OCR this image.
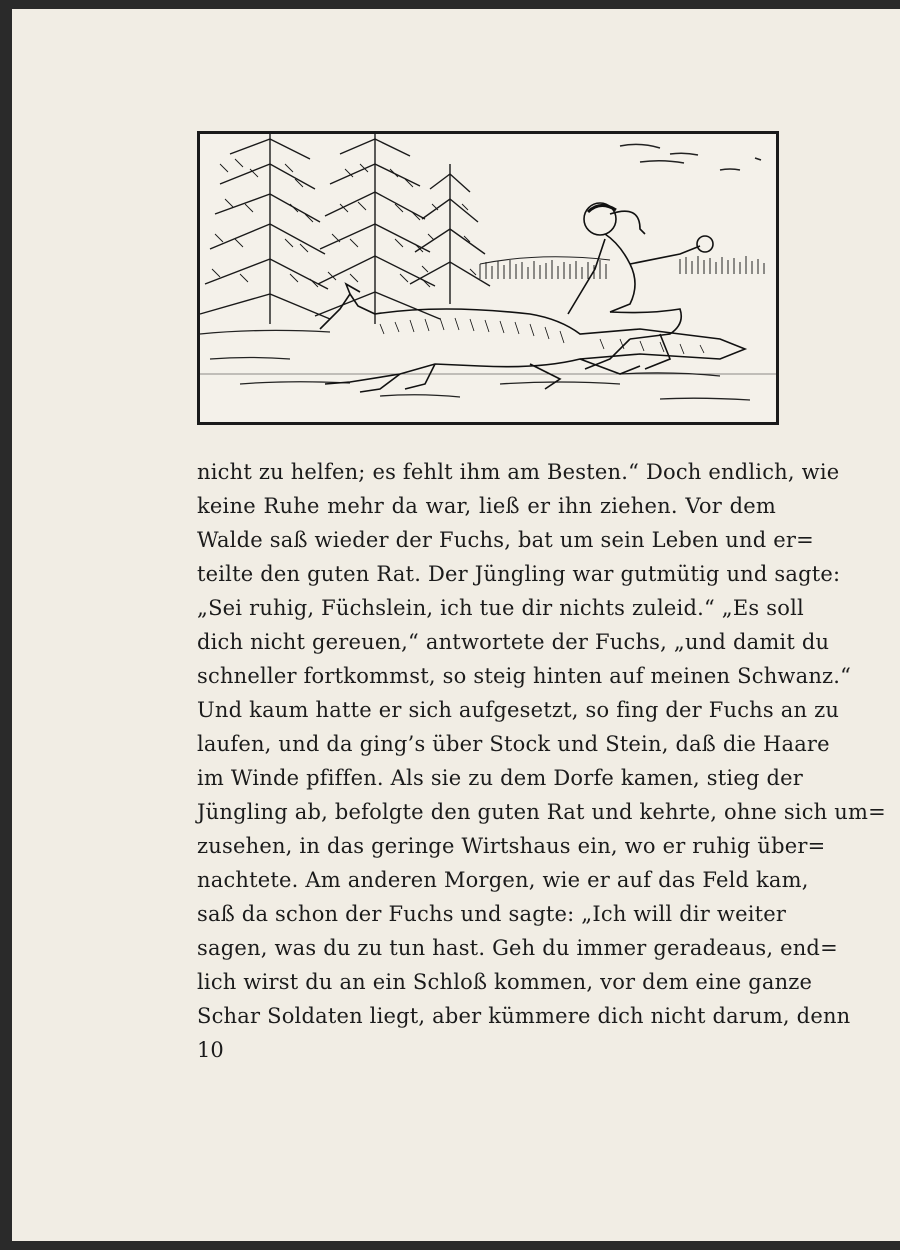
nicht zu helfen; es fehlt ihm am Besten.“ Doch endlich, wie
keine Ruhe mehr da war, ließ er ihn ziehen. Vor dem
Walde saß wieder der Fuchs, bat um sein Leben und er=
teilte den guten Rat. Der Jüngling war gutmütig und sagte:
„Sei ruhig, Füchslein, ich tue dir nichts zuleid.“ „Es soll
dich nicht gereuen,“ antwortete der Fuchs, „und damit du
schneller fortkommst, so steig hinten auf meinen Schwanz.“
Und kaum hatte er sich aufgesetzt, so fing der Fuchs an zu
laufen, und da ging’s über Stock und Stein, daß die Haare
im Winde pfiffen. Als sie zu dem Dorfe kamen, stieg der
Jüngling ab, befolgte den guten Rat und kehrte, ohne sich um=
zusehen, in das geringe Wirtshaus ein, wo er ruhig über=
nachtete. Am anderen Morgen, wie er auf das Feld kam,
saß da schon der Fuchs und sagte: „Ich will dir weiter
sagen, was du zu tun hast. Geh du immer geradeaus, end=
lich wirst du an ein Schloß kommen, vor dem eine ganze
Schar Soldaten liegt, aber kümmere dich nicht darum, denn
10
